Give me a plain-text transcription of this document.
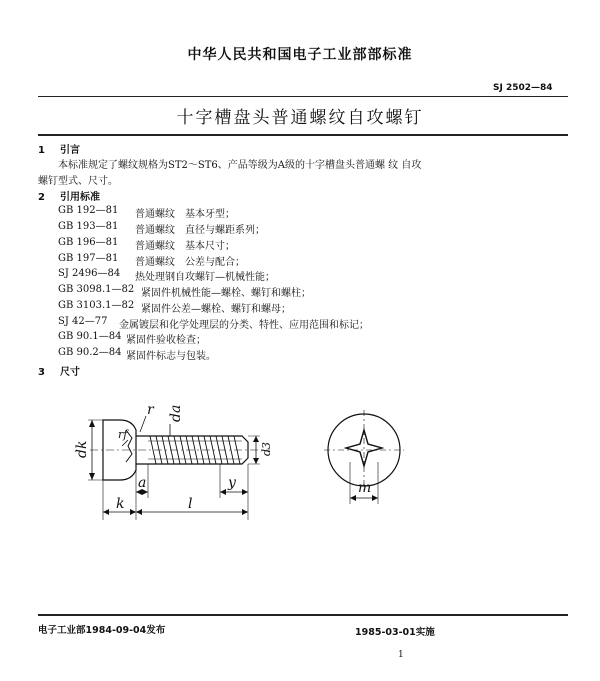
中华人民共和国电子工业部部标准
SJ 2502—84
十字槽盘头普通螺纹自攻螺钉
1 引言
本标准规定了螺纹规格为ST2～ST6、产品等级为A级的十字槽盘头普通螺 纹 自攻
螺钉型式、尺寸。
2 引用标准
GB 192—81 普通螺纹　基本牙型；
GB 193—81 普通螺纹　直径与螺距系列；
GB 196—81 普通螺纹　基本尺寸；
GB 197—81 普通螺纹　公差与配合；
SJ 2496—84 热处理钢自攻螺钉—机械性能；
GB 3098.1—82 紧固件机械性能—螺栓、螺钉和螺柱；
GB 3103.1—82 紧固件公差—螺栓、螺钉和螺母；
SJ 42—77 金属镀层和化学处理层的分类、特性、应用范围和标记；
GB 90.1—84 紧固件验收检查；
GB 90.2—84 紧固件标志与包装。
3 尺寸
r da
rf
dk	d3
a	y
k	l
m
电子工业部1984-09-04发布	1985-03-01实施
1
